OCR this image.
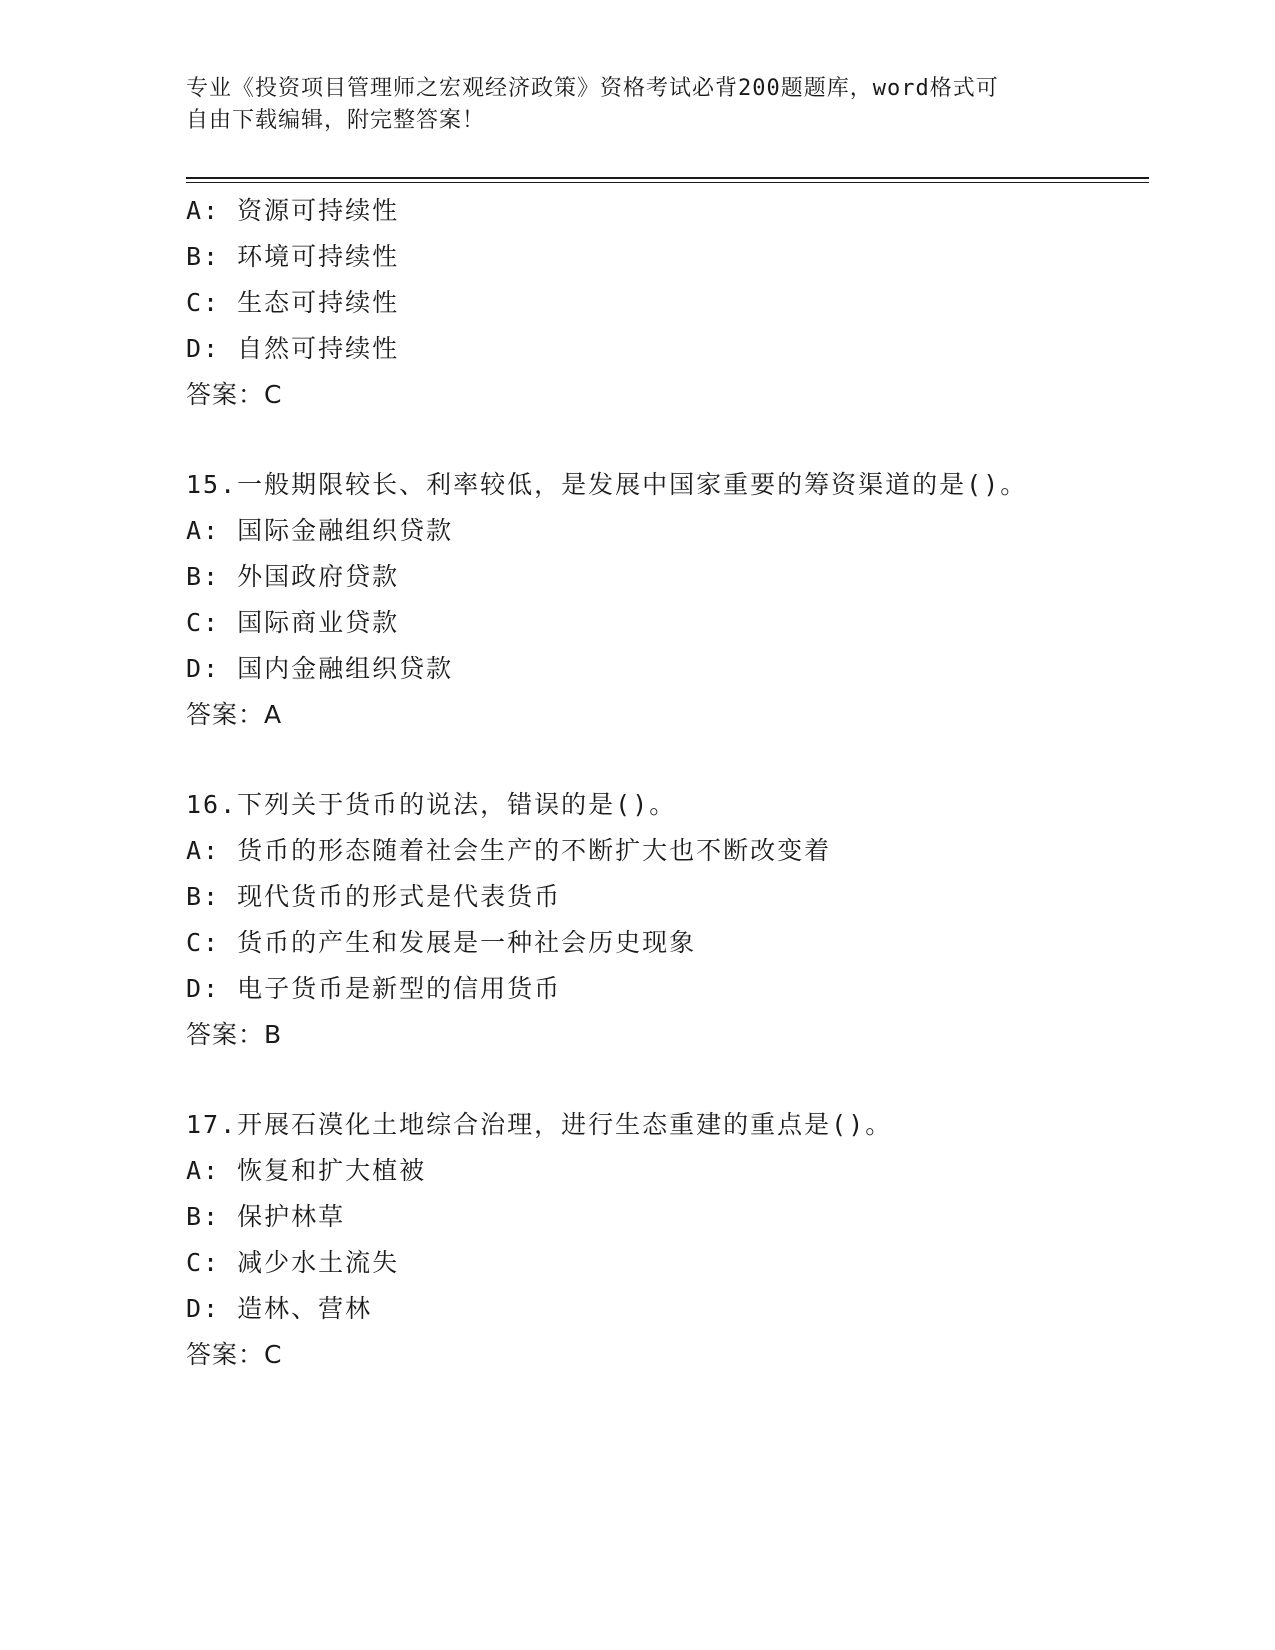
专业《投资项目管理师之宏观经济政策》资格考试必背200题题库，word格式可
自由下载编辑，附完整答案！
A: 资源可持续性
B: 环境可持续性
C: 生态可持续性
D: 自然可持续性
答案：C
15.一般期限较长、利率较低，是发展中国家重要的筹资渠道的是()。
A: 国际金融组织贷款
B: 外国政府贷款
C: 国际商业贷款
D: 国内金融组织贷款
答案：A
16.下列关于货币的说法，错误的是()。
A: 货币的形态随着社会生产的不断扩大也不断改变着
B: 现代货币的形式是代表货币
C: 货币的产生和发展是一种社会历史现象
D: 电子货币是新型的信用货币
答案：B
17.开展石漠化土地综合治理，进行生态重建的重点是()。
A: 恢复和扩大植被
B: 保护林草
C: 减少水土流失
D: 造林、营林
答案：C
